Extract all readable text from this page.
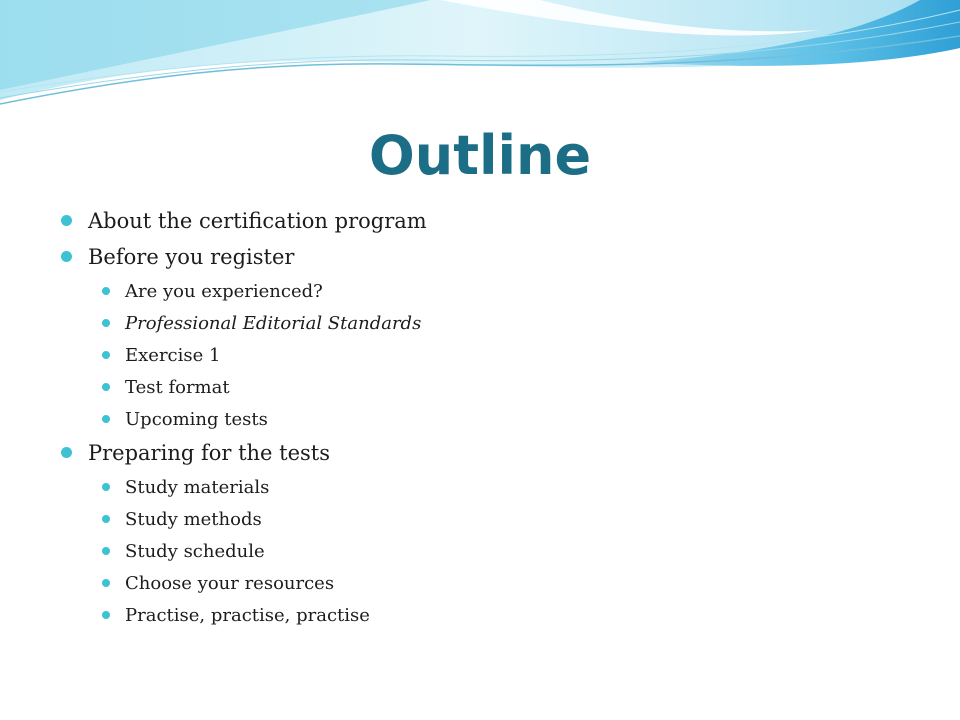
Outline
About the certification program
Before you register
Are you experienced?
Professional Editorial Standards
Exercise 1
Test format
Upcoming tests
Preparing for the tests
Study materials
Study methods
Study schedule
Choose your resources
Practise, practise, practise
